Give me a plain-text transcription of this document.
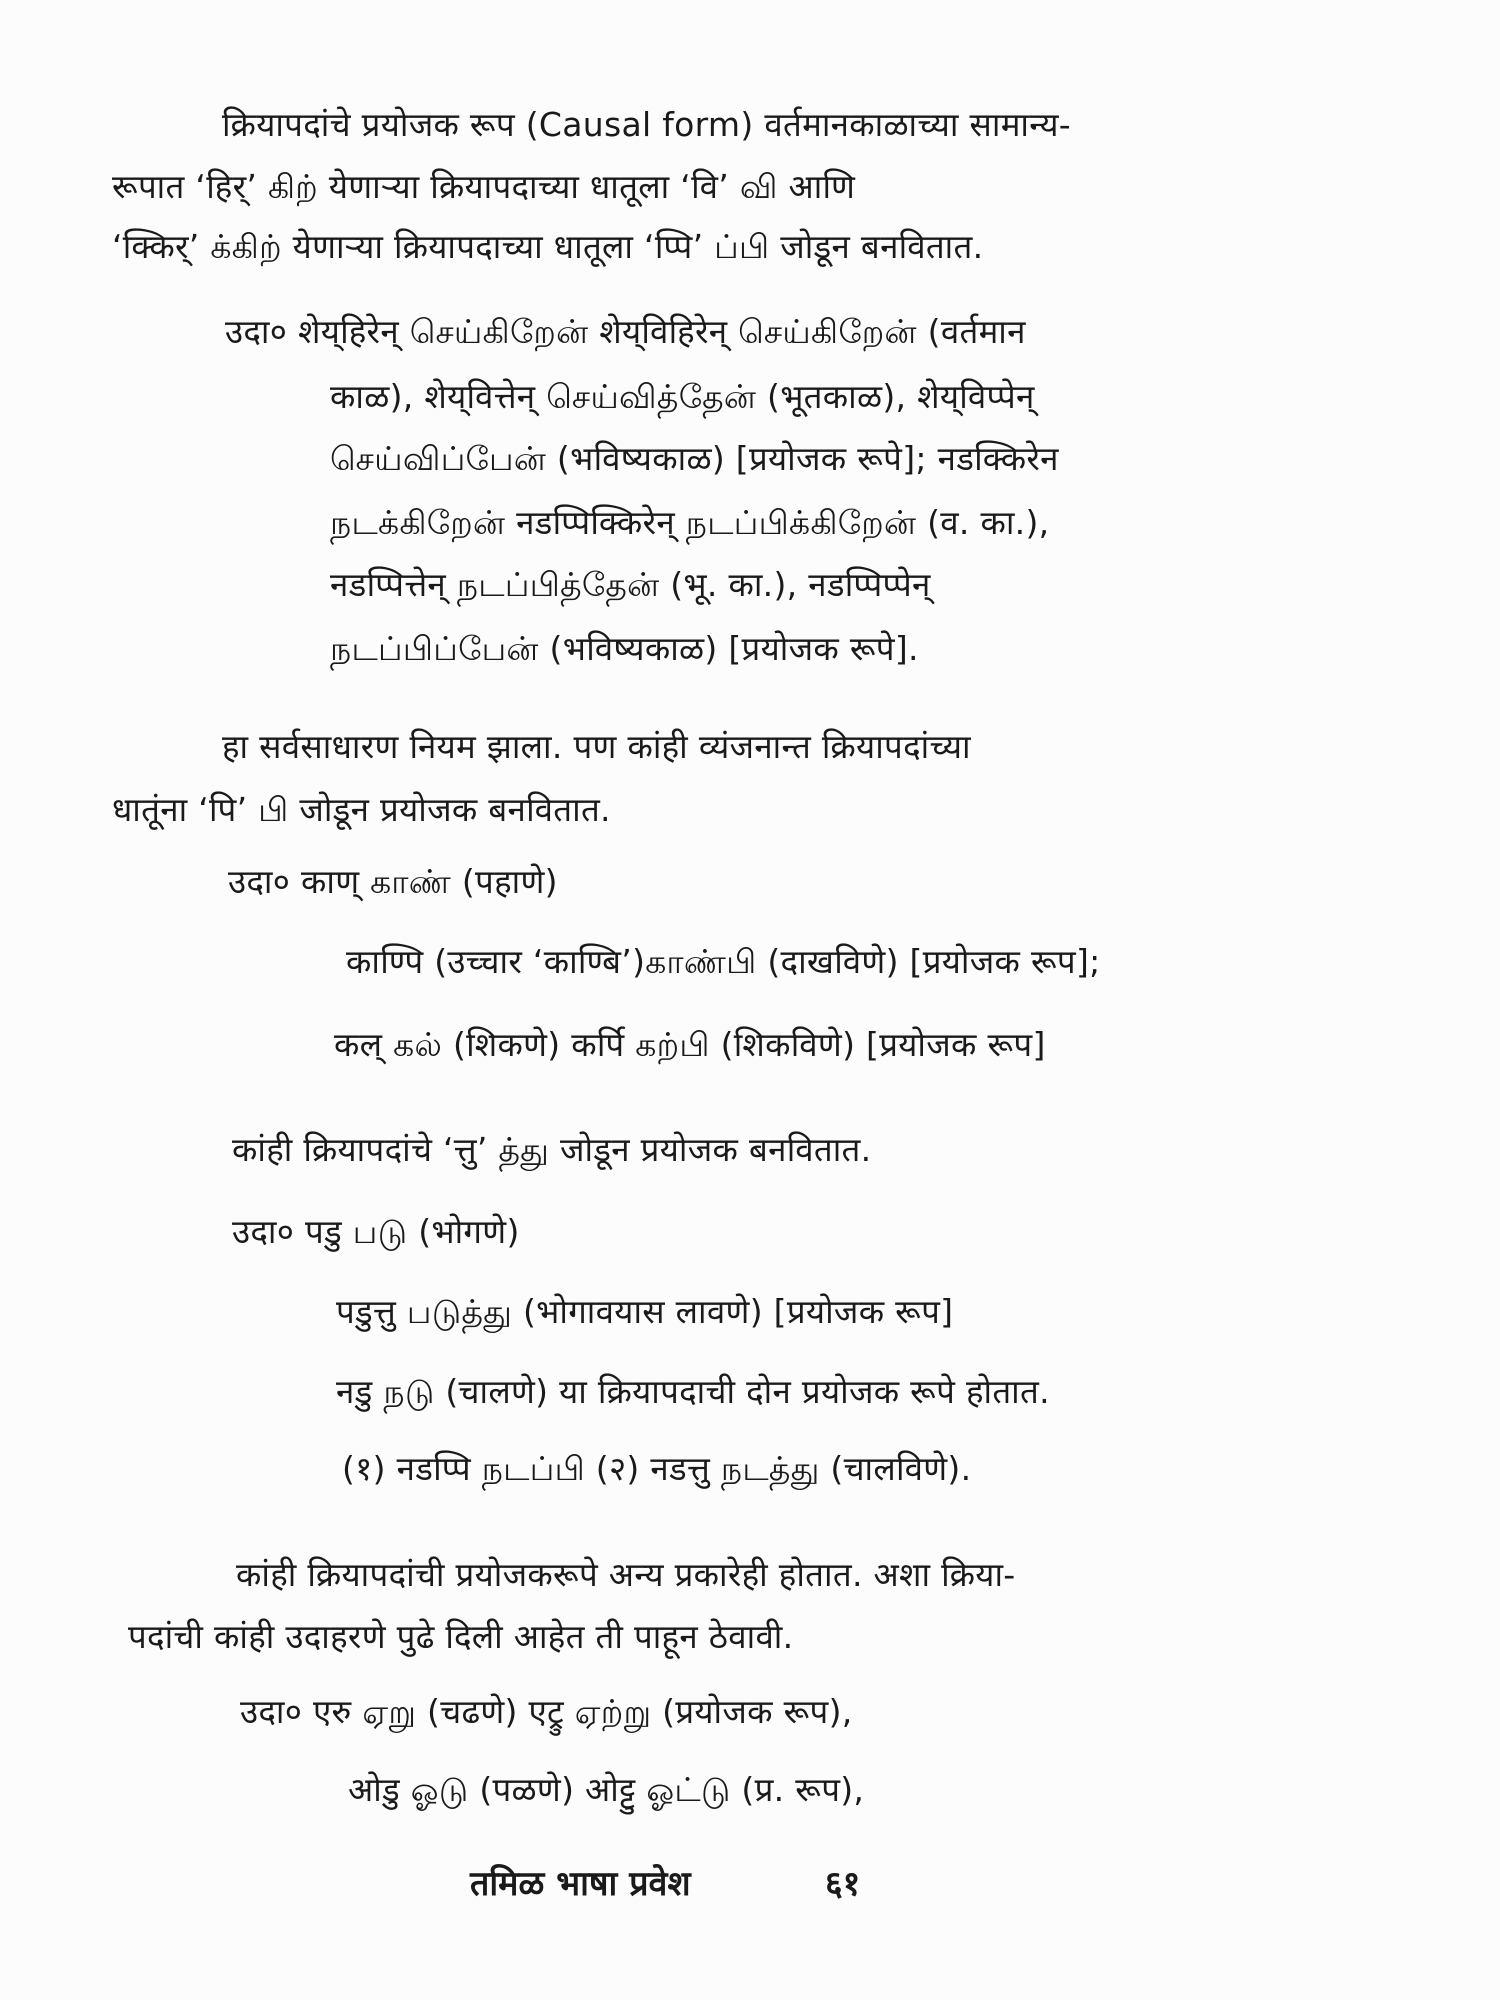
क्रियापदांचे प्रयोजक रूप (Causal form) वर्तमानकाळाच्या सामान्य-
रूपात ‘हिर्’ கிற் येणाऱ्या क्रियापदाच्या धातूला ‘वि’ வி आणि
‘क्किर्’ க்கிற் येणाऱ्या क्रियापदाच्या धातूला ‘प्पि’ ப்பி जोडून बनवितात.
उदा० शेय्‌हिरेन् செய்கிறேன் शेय्‌विहिरेन् செய்கிறேன் (वर्तमान
काळ), शेय्‌वित्तेन् செய்வித்தேன் (भूतकाळ), शेय्‌विप्पेन्
செய்விப்பேன் (भविष्यकाळ) [प्रयोजक रूपे]; नडक्किरेन
நடக்கிறேன் नडप्पिक्किरेन् நடப்பிக்கிறேன் (व. का.),
नडप्पित्तेन् நடப்பித்தேன் (भू. का.), नडप्पिप्पेन्
நடப்பிப்பேன் (भविष्यकाळ) [प्रयोजक रूपे].
हा सर्वसाधारण नियम झाला. पण कांही व्यंजनान्त क्रियापदांच्या
धातूंना ‘पि’ பி जोडून प्रयोजक बनवितात.
उदा० काण् காண் (पहाणे)
काण्पि (उच्चार ‘काण्बि’)காண்பி (दाखविणे) [प्रयोजक रूप];
कल् கல் (शिकणे) कर्पि கற்பி (शिकविणे) [प्रयोजक रूप]
कांही क्रियापदांचे ‘त्तु’ த்து जोडून प्रयोजक बनवितात.
उदा० पडु படு (भोगणे)
पडुत्तु படுத்து (भोगावयास लावणे) [प्रयोजक रूप]
नडु நடு (चालणे) या क्रियापदाची दोन प्रयोजक रूपे होतात.
(१) नडप्पि நடப்பி (२) नडत्तु நடத்து (चालविणे).
कांही क्रियापदांची प्रयोजकरूपे अन्य प्रकारेही होतात. अशा क्रिया-
पदांची कांही उदाहरणे पुढे दिली आहेत ती पाहून ठेवावी.
उदा० एरु ஏறு (चढणे) एट्रु ஏற்று (प्रयोजक रूप),
ओडु ஓடு (पळणे) ओट्टु ஓட்டு (प्र. रूप),
तमिळ भाषा प्रवेश	६१
